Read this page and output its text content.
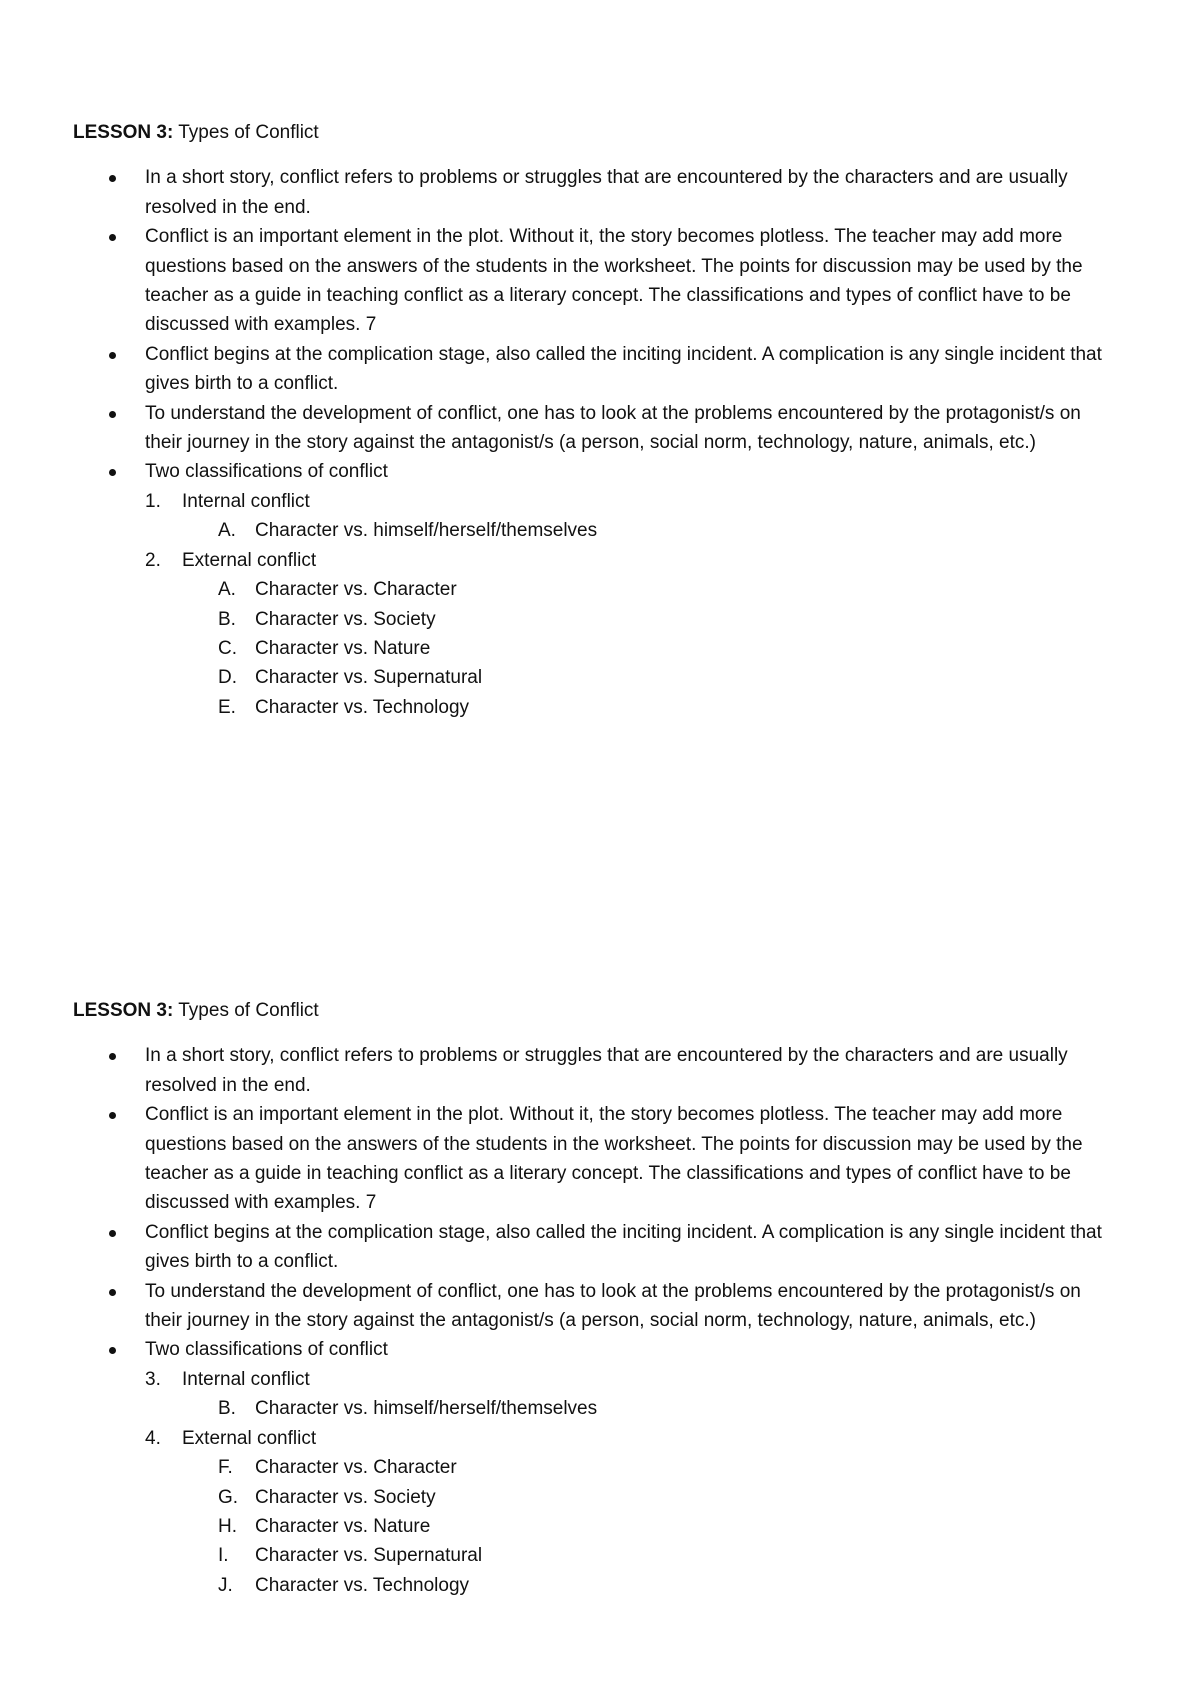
LESSON 3: Types of Conflict

In a short story, conflict refers to problems or struggles that are encountered by the characters and are usually resolved in the end.
Conflict is an important element in the plot. Without it, the story becomes plotless. The teacher may add more questions based on the answers of the students in the worksheet. The points for discussion may be used by the teacher as a guide in teaching conflict as a literary concept. The classifications and types of conflict have to be discussed with examples. 7
Conflict begins at the complication stage, also called the inciting incident. A complication is any single incident that gives birth to a conflict.
To understand the development of conflict, one has to look at the problems encountered by the protagonist/s on their journey in the story against the antagonist/s (a person, social norm, technology, nature, animals, etc.)
Two classifications of conflict
1. Internal conflict
A. Character vs. himself/herself/themselves
2. External conflict
A. Character vs. Character
B. Character vs. Society
C. Character vs. Nature
D. Character vs. Supernatural
E. Character vs. Technology

LESSON 3: Types of Conflict

In a short story, conflict refers to problems or struggles that are encountered by the characters and are usually resolved in the end.
Conflict is an important element in the plot. Without it, the story becomes plotless. The teacher may add more questions based on the answers of the students in the worksheet. The points for discussion may be used by the teacher as a guide in teaching conflict as a literary concept. The classifications and types of conflict have to be discussed with examples. 7
Conflict begins at the complication stage, also called the inciting incident. A complication is any single incident that gives birth to a conflict.
To understand the development of conflict, one has to look at the problems encountered by the protagonist/s on their journey in the story against the antagonist/s (a person, social norm, technology, nature, animals, etc.)
Two classifications of conflict
3. Internal conflict
B. Character vs. himself/herself/themselves
4. External conflict
F. Character vs. Character
G. Character vs. Society
H. Character vs. Nature
I. Character vs. Supernatural
J. Character vs. Technology
